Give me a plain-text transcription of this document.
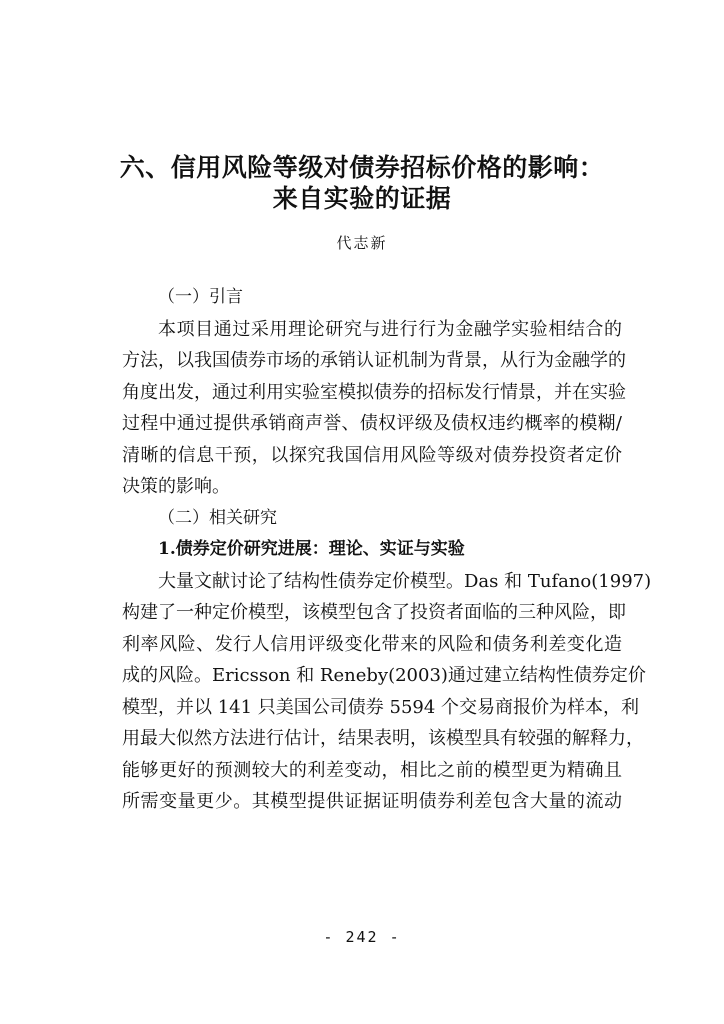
六、信用风险等级对债券招标价格的影响：
来自实验的证据
代志新
（一）引言
本项目通过采用理论研究与进行行为金融学实验相结合的
方法，以我国债券市场的承销认证机制为背景，从行为金融学的
角度出发，通过利用实验室模拟债券的招标发行情景，并在实验
过程中通过提供承销商声誉、债权评级及债权违约概率的模糊/
清晰的信息干预，以探究我国信用风险等级对债券投资者定价
决策的影响。
（二）相关研究
1.债券定价研究进展：理论、实证与实验
大量文献讨论了结构性债券定价模型。Das 和 Tufano(1997)
构建了一种定价模型，该模型包含了投资者面临的三种风险，即
利率风险、发行人信用评级变化带来的风险和债务利差变化造
成的风险。Ericsson 和 Reneby(2003)通过建立结构性债券定价
模型，并以 141 只美国公司债券 5594 个交易商报价为样本，利
用最大似然方法进行估计，结果表明，该模型具有较强的解释力，
能够更好的预测较大的利差变动，相比之前的模型更为精确且
所需变量更少。其模型提供证据证明债券利差包含大量的流动
- 242 -
